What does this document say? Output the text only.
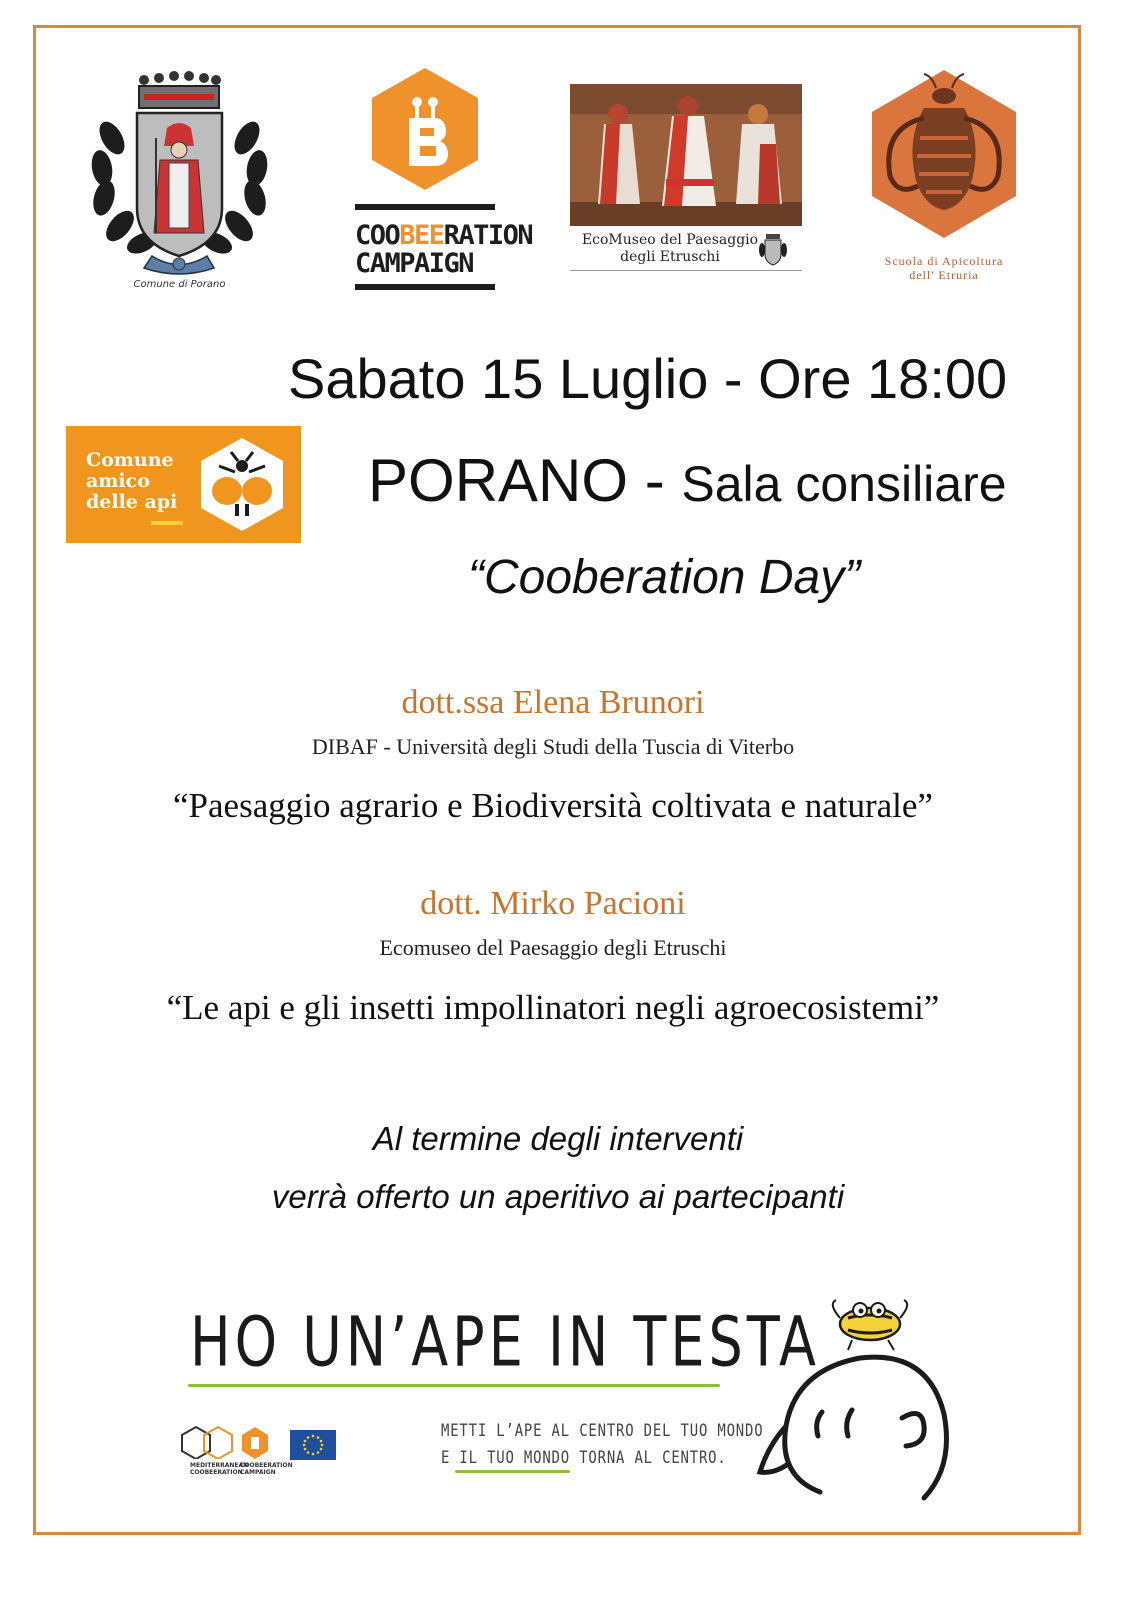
Comune di Porano
COOBEERATION
CAMPAIGN
EcoMuseo del Paesaggio
degli Etruschi	Scuola di Apicoltura
dell' Etruria
Sabato 15 Luglio - Ore 18:00
Comune
amico
delle api	PORANO - Sala consiliare
“Cooberation Day”
dott.ssa Elena Brunori
DIBAF - Università degli Studi della Tuscia di Viterbo
“Paesaggio agrario e Biodiversità coltivata e naturale”
dott. Mirko Pacioni
Ecomuseo del Paesaggio degli Etruschi
“Le api e gli insetti impollinatori negli agroecosistemi”
Al termine degli interventi
verrà offerto un aperitivo ai partecipanti
HO UN’APE IN TESTA
MEDITERRANEAN
COOBEERATION
COOBEERATION
CAMPAIGN
METTI L’APE AL CENTRO DEL TUO MONDO
E IL TUO MONDO TORNA AL CENTRO.
